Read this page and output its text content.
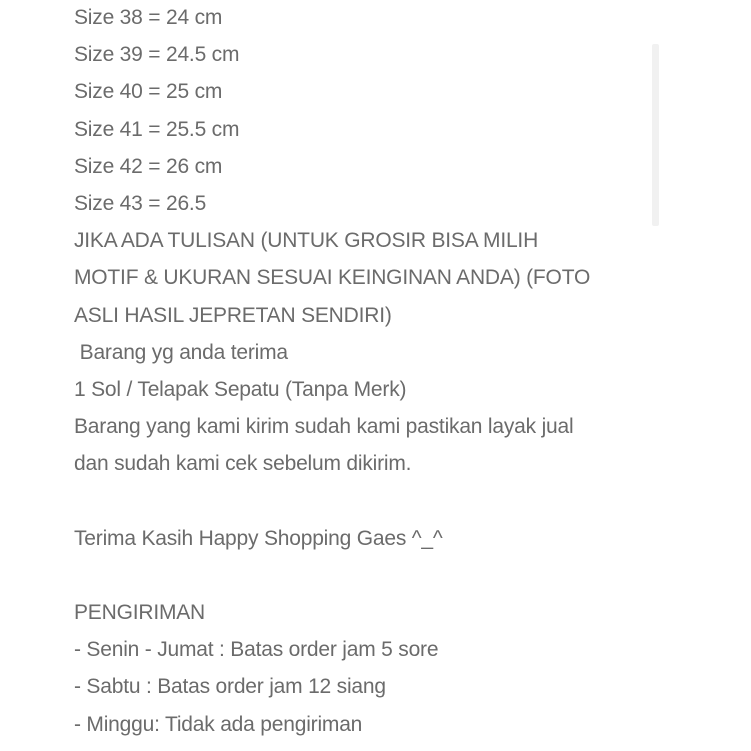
Size 38 = 24 cm
Size 39 = 24.5 cm
Size 40 = 25 cm
Size 41 = 25.5 cm
Size 42 = 26 cm
Size 43 = 26.5
JIKA ADA TULISAN (UNTUK GROSIR BISA MILIH
MOTIF & UKURAN SESUAI KEINGINAN ANDA) (FOTO
ASLI HASIL JEPRETAN SENDIRI)
Barang yg anda terima
1 Sol / Telapak Sepatu (Tanpa Merk)
Barang yang kami kirim sudah kami pastikan layak jual
dan sudah kami cek sebelum dikirim.
Terima Kasih Happy Shopping Gaes ^_^
PENGIRIMAN
- Senin - Jumat : Batas order jam 5 sore
- Sabtu : Batas order jam 12 siang
- Minggu: Tidak ada pengiriman
